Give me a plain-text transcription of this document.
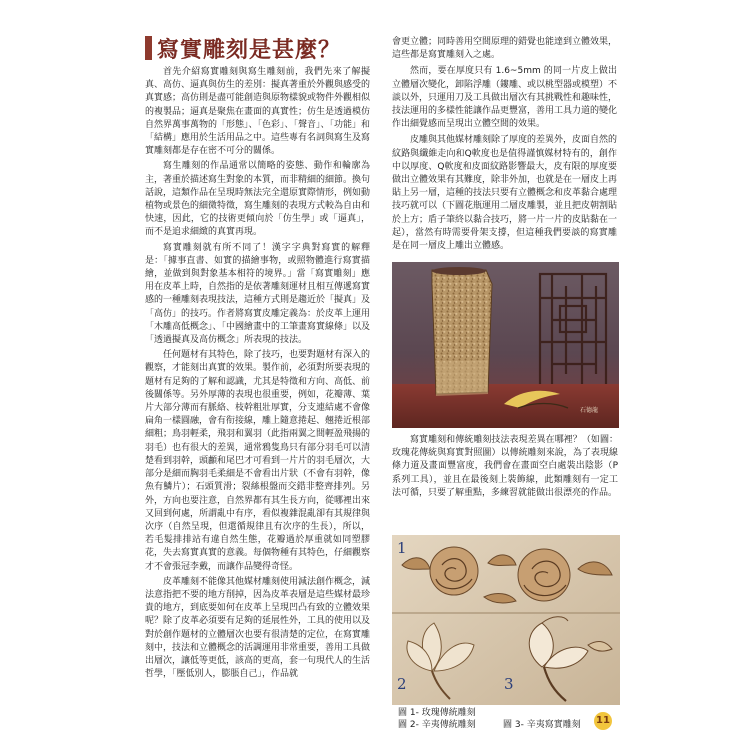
寫實雕刻是甚麼？

首先介紹寫實雕刻與寫生雕刻前，我們先來了解擬真、高仿、逼真與仿生的差別：擬真著重於外觀與感受的真實感；高仿則是盡可能創造與原物樣貌或物件外觀相似的複製品；逼真是聚焦在畫面的真實性；仿生是透過模仿自然界萬事萬物的「形態」、「色彩」、「聲音」、「功能」和「結構」應用於生活用品之中。這些專有名詞與寫生及寫實雕刻都是存在密不可分的關係。

寫生雕刻的作品通常以簡略的姿態、動作和輪廓為主，著重於描述寫生對象的本質，而非精細的細節。換句話說，這類作品在呈現時無法完全還原實際情形，例如動植物或景色的細微特徵，寫生雕刻的表現方式較為自由和快速，因此，它的技術更傾向於「仿生學」或「逼真」，而不是追求細緻的真實再現。

寫實雕刻就有所不同了！漢字字典對寫實的解釋是：「據事直書、如實的描繪事物，或照物體進行寫實描繪，並做到與對象基本相符的境界。」當「寫實雕刻」應用在皮革上時，自然指的是依著雕刻運材且相互傳遞寫實感的一種雕刻表現技法，這種方式則是趨近於「擬真」及「高仿」的技巧。作者將寫實皮雕定義為：於皮革上運用「木雕高低概念」、「中國繪畫中的工筆畫寫實線條」以及「透過擬真及高仿概念」所表現的技法。

任何題材有其特色，除了技巧，也要對題材有深入的觀察，才能刻出真實的效果。製作前，必須對所要表現的題材有足夠的了解和認識，尤其是特徵和方向、高低、前後關係等。另外厚薄的表現也很重要，例如，花瓣薄、葉片大部分薄而有脈絡、枝幹粗壯厚實，分支連結處不會像扁角一樣圓融，會有衔接線，雕上隨意捲起、翹捲近根部細粗；鳥羽輕柔，飛羽和翼羽（此指兩翼之間輕盈飛揚的羽毛）也有很大的差異，通常鴉隻鳥只有部分羽毛可以清楚看到羽幹，頭顱和尾巴才可看到一片片的羽毛層次，大部分是細而胸羽毛柔細是不會看出片狀（不會有羽幹，像魚有鱗片）；石頭質滑；裂絲根盤而交錯非整齊排列。另外，方向也要注意，自然界都有其生長方向，從哪裡出來又回到何處，所謂亂中有序，看似複雜混亂卻有其規律與次序（自然呈現，但還循規律且有次序的生長），所以，若毛髮排排站有違自然生態，花瓣過於厚重就如同塑膠花，失去寫實真實的意義。每個物種有其特色，仔細觀察才不會張冠李戴，而讓作品變得奇怪。

皮革雕刻不能像其他媒材雕刻使用減法創作概念，減法意指把不要的地方削掉，因為皮革表層是這些媒材最珍貴的地方，到底要如何在皮革上呈現凹凸有致的立體效果呢？除了皮革必須要有足夠的延展性外，工具的使用以及對於創作題材的立體層次也要有很清楚的定位，在寫實雕刻中，技法和立體概念的活調運用非常重要，善用工具做出層次，讓低等更低，該高的更高，套一句現代人的生活哲學，「壓低別人，膨脹自己」，作品就

會更立體；同時善用空間原理的錯覺也能達到立體效果，這些都是寫實雕刻入之處。

然而，要在厚度只有 1.6~5mm 的同一片皮上做出立體層次變化，卸陷浮雕（鏤雕、或以桃型器或模塑）不談以外，只運用刀及工具做出層次有其挑戰性和趣味性，技法運用的多樣性能讓作品更豐富，善用工具力道的變化作出細覺感而呈現出立體空間的效果。

皮雕與其他媒材雕刻除了厚度的差異外，皮面自然的紋路與纖維走向和Q軟度也是值得謹慎媒材特有的，創作中以厚度、Q軟度和皮面紋路影響最大，皮有限的厚度要做出立體效果有其難度，除非外加，也就是在一層皮上再貼上另一層，這種的技法只要有立體概念和皮革黏合處理技巧就可以（下圖花瓶運用二層皮雕製，並且把皮朝割貼於上方；盾子筆終以黏合技巧，將一片一片的皮貼黏在一起），當然有時需要骨架支撐，但這種我們要談的寫實雕是在同一層皮上雕出立體感。

石德龍

寫實雕刻和傳統雕刻技法表現差異在哪裡？（如圖：玫瑰花傳統與寫實對照圖）以傳統雕刻來說，為了表現線條力道及畫面豐富度，我們會在畫面空白處裝出陰影（P系列工具），並且在最後刻上裝飾線，此類雕刻有一定工法可循，只要了解重點，多練習就能做出很漂亮的作品。

1
2	3
圖 1- 玫瑰傳統雕刻
圖 2- 辛夷傳統雕刻	圖 3- 辛夷寫實雕刻 11
